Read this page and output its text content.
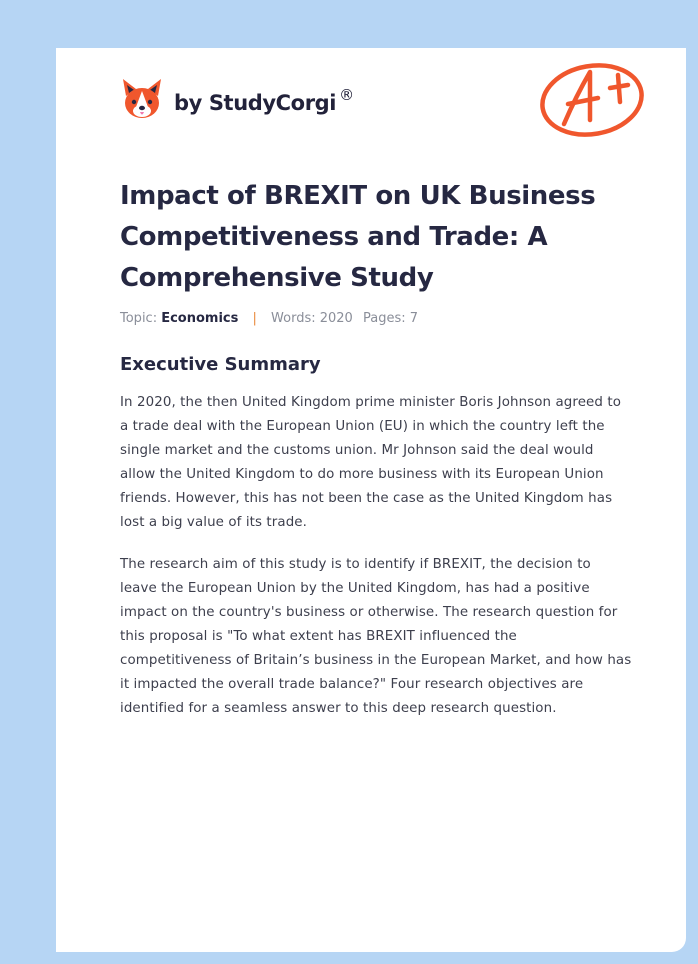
by StudyCorgi ®
Impact of BREXIT on UK Business Competitiveness and Trade: A Comprehensive Study
Topic: Economics | Words: 2020 Pages: 7
Executive Summary

In 2020, the then United Kingdom prime minister Boris Johnson agreed to a trade deal with the European Union (EU) in which the country left the single market and the customs union. Mr Johnson said the deal would allow the United Kingdom to do more business with its European Union friends. However, this has not been the case as the United Kingdom has lost a big value of its trade.

The research aim of this study is to identify if BREXIT, the decision to leave the European Union by the United Kingdom, has had a positive impact on the country's business or otherwise. The research question for this proposal is "To what extent has BREXIT influenced the competitiveness of Britain’s business in the European Market, and how has it impacted the overall trade balance?" Four research objectives are identified for a seamless answer to this deep research question.
